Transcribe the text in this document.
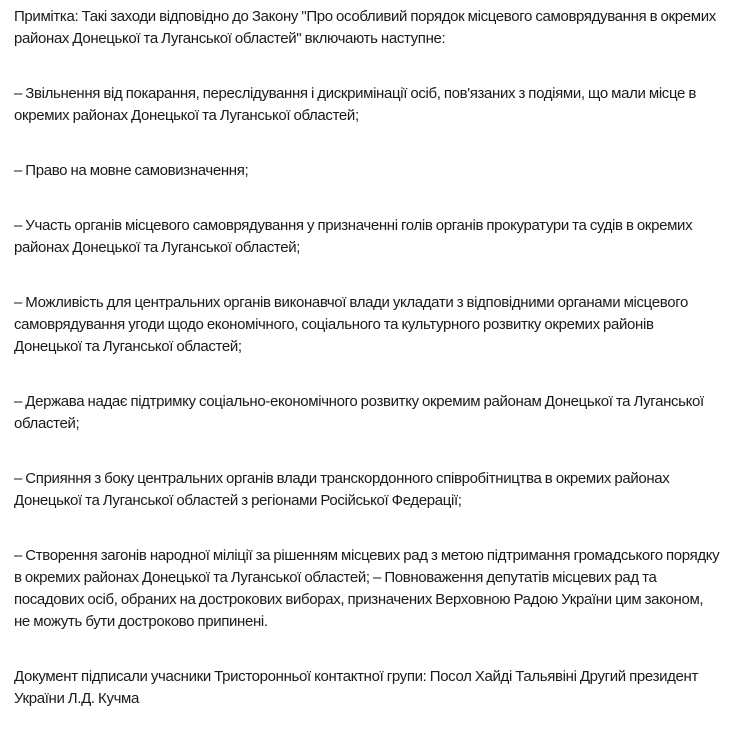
Примітка: Такі заходи відповідно до Закону "Про особливий порядок місцевого самоврядування в окремих районах Донецької та Луганської областей" включають наступне:

– Звільнення від покарання, переслідування і дискримінації осіб, пов'язаних з подіями, що мали місце в окремих районах Донецької та Луганської областей;

– Право на мовне самовизначення;

– Участь органів місцевого самоврядування у призначенні голів органів прокуратури та судів в окремих районах Донецької та Луганської областей;

– Можливість для центральних органів виконавчої влади укладати з відповідними органами місцевого самоврядування угоди щодо економічного, соціального та культурного розвитку окремих районів Донецької та Луганської областей;

– Держава надає підтримку соціально-економічного розвитку окремим районам Донецької та Луганської областей;

– Сприяння з боку центральних органів влади транскордонного співробітництва в окремих районах Донецької та Луганської областей з регіонами Російської Федерації;

– Створення загонів народної міліції за рішенням місцевих рад з метою підтримання громадського порядку в окремих районах Донецької та Луганської областей; – Повноваження депутатів місцевих рад та посадових осіб, обраних на дострокових виборах, призначених Верховною Радою України цим законом, не можуть бути достроково припинені.

Документ підписали учасники Тристоронньої контактної групи: Посол Хайді Тальявіні Другий президент України Л.Д. Кучма
